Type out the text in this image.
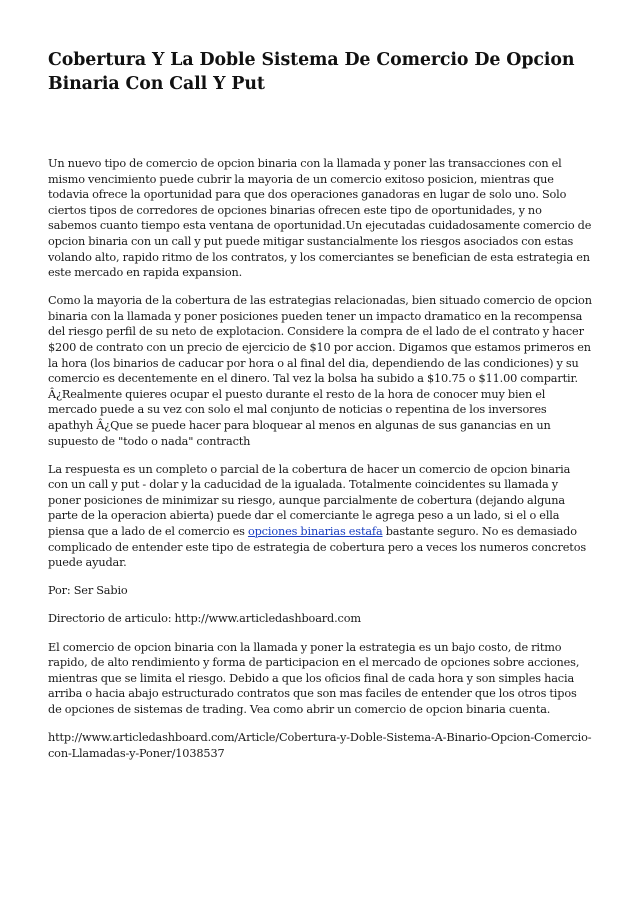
Cobertura Y La Doble Sistema De Comercio De Opcion Binaria Con Call Y Put

Un nuevo tipo de comercio de opcion binaria con la llamada y poner las transacciones con el mismo vencimiento puede cubrir la mayoria de un comercio exitoso posicion, mientras que todavia ofrece la oportunidad para que dos operaciones ganadoras en lugar de solo uno. Solo ciertos tipos de corredores de opciones binarias ofrecen este tipo de oportunidades, y no sabemos cuanto tiempo esta ventana de oportunidad.Un ejecutadas cuidadosamente comercio de opcion binaria con un call y put puede mitigar sustancialmente los riesgos asociados con estas volando alto, rapido ritmo de los contratos, y los comerciantes se benefician de esta estrategia en este mercado en rapida expansion.

Como la mayoria de la cobertura de las estrategias relacionadas, bien situado comercio de opcion binaria con la llamada y poner posiciones pueden tener un impacto dramatico en la recompensa del riesgo perfil de su neto de explotacion. Considere la compra de el lado de el contrato y hacer $200 de contrato con un precio de ejercicio de $10 por accion. Digamos que estamos primeros en la hora (los binarios de caducar por hora o al final del dia, dependiendo de las condiciones) y su comercio es decentemente en el dinero. Tal vez la bolsa ha subido a $10.75 o $11.00 compartir. Â¿Realmente quieres ocupar el puesto durante el resto de la hora de conocer muy bien el mercado puede a su vez con solo el mal conjunto de noticias o repentina de los inversores apathyh Â¿Que se puede hacer para bloquear al menos en algunas de sus ganancias en un supuesto de "todo o nada" contracth

La respuesta es un completo o parcial de la cobertura de hacer un comercio de opcion binaria con un call y put - dolar y la caducidad de la igualada. Totalmente coincidentes su llamada y poner posiciones de minimizar su riesgo, aunque parcialmente de cobertura (dejando alguna parte de la operacion abierta) puede dar el comerciante le agrega peso a un lado, si el o ella piensa que a lado de el comercio es opciones binarias estafa bastante seguro. No es demasiado complicado de entender este tipo de estrategia de cobertura pero a veces los numeros concretos puede ayudar.

Por: Ser Sabio

Directorio de articulo: http://www.articledashboard.com

El comercio de opcion binaria con la llamada y poner la estrategia es un bajo costo, de ritmo rapido, de alto rendimiento y forma de participacion en el mercado de opciones sobre acciones, mientras que se limita el riesgo. Debido a que los oficios final de cada hora y son simples hacia arriba o hacia abajo estructurado contratos que son mas faciles de entender que los otros tipos de opciones de sistemas de trading. Vea como abrir un comercio de opcion binaria cuenta.

http://www.articledashboard.com/Article/Cobertura-y-Doble-Sistema-A-Binario-Opcion-Comercio-con-Llamadas-y-Poner/1038537
